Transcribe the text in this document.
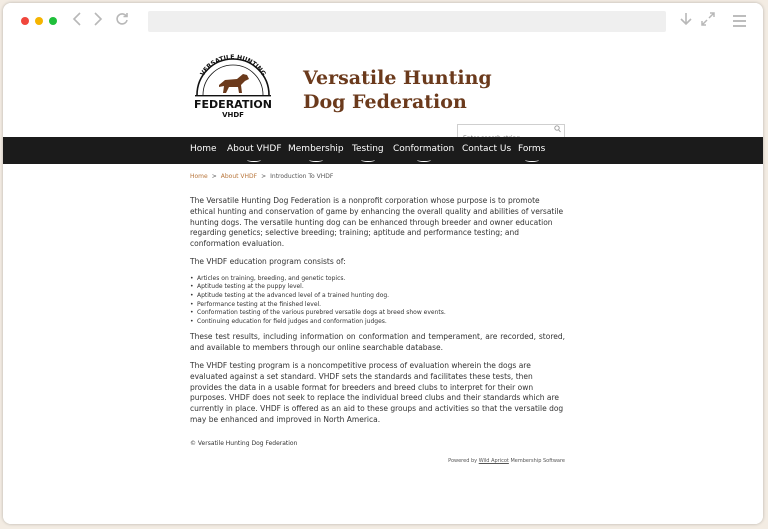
VERSATILE HUNTING
FEDERATION
VHDF
Versatile Hunting
Dog Federation
Enter search string
Home About VHDF Membership Testing Conformation Contact Us Forms
Home > About VHDF > Introduction To VHDF

The Versatile Hunting Dog Federation is a nonprofit corporation whose purpose is to promote ethical hunting and conservation of game by enhancing the overall quality and abilities of versatile hunting dogs. The versatile hunting dog can be enhanced through breeder and owner education regarding genetics; selective breeding; training; aptitude and performance testing; and conformation evaluation.

The VHDF education program consists of:

• Articles on training, breeding, and genetic topics.
• Aptitude testing at the puppy level.
• Aptitude testing at the advanced level of a trained hunting dog.
• Performance testing at the finished level.
• Conformation testing of the various purebred versatile dogs at breed show events.
• Continuing education for field judges and conformation judges.

These test results, including information on conformation and temperament, are recorded, stored, and available to members through our online searchable database.

The VHDF testing program is a noncompetitive process of evaluation wherein the dogs are evaluated against a set standard. VHDF sets the standards and facilitates these tests, then provides the data in a usable format for breeders and breed clubs to interpret for their own purposes. VHDF does not seek to replace the individual breed clubs and their standards which are currently in place. VHDF is offered as an aid to these groups and activities so that the versatile dog may be enhanced and improved in North America.

© Versatile Hunting Dog Federation
Powered by Wild Apricot Membership Software
